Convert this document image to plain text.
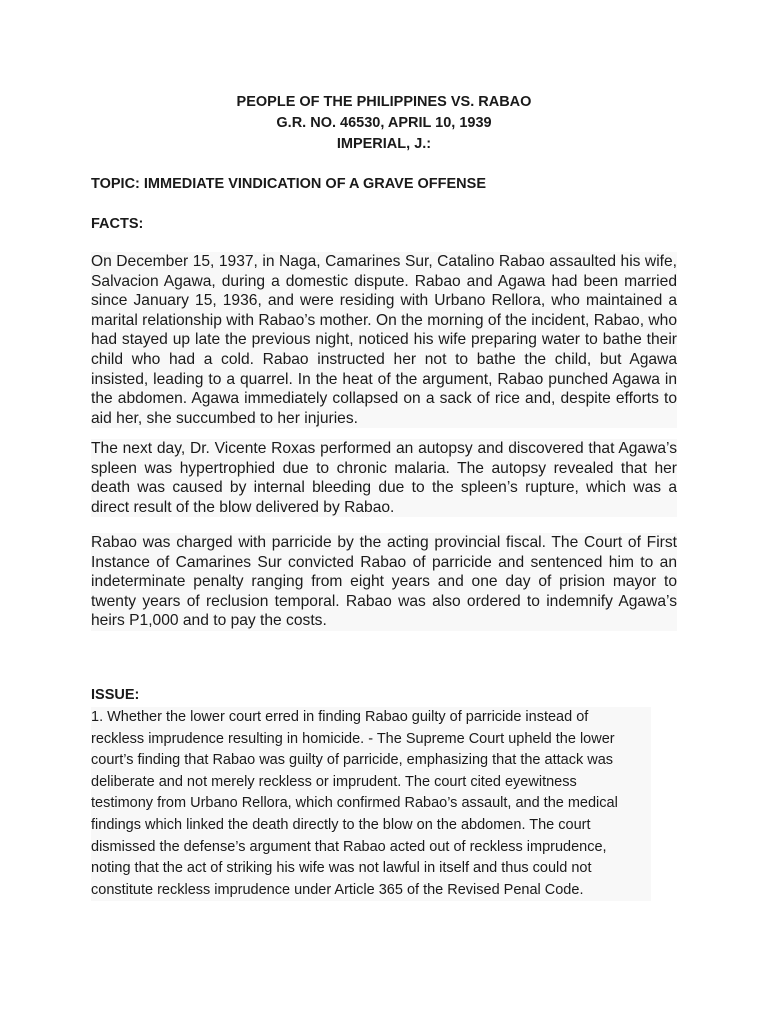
PEOPLE OF THE PHILIPPINES VS. RABAO
G.R. NO. 46530, APRIL 10, 1939
IMPERIAL, J.:
TOPIC: IMMEDIATE VINDICATION OF A GRAVE OFFENSE
FACTS:

On December 15, 1937, in Naga, Camarines Sur, Catalino Rabao assaulted his wife, Salvacion Agawa, during a domestic dispute. Rabao and Agawa had been married since January 15, 1936, and were residing with Urbano Rellora, who maintained a marital relationship with Rabao’s mother. On the morning of the incident, Rabao, who had stayed up late the previous night, noticed his wife preparing water to bathe their child who had a cold. Rabao instructed her not to bathe the child, but Agawa insisted, leading to a quarrel. In the heat of the argument, Rabao punched Agawa in the abdomen. Agawa immediately collapsed on a sack of rice and, despite efforts to aid her, she succumbed to her injuries.

The next day, Dr. Vicente Roxas performed an autopsy and discovered that Agawa’s spleen was hypertrophied due to chronic malaria. The autopsy revealed that her death was caused by internal bleeding due to the spleen’s rupture, which was a direct result of the blow delivered by Rabao.

Rabao was charged with parricide by the acting provincial fiscal. The Court of First Instance of Camarines Sur convicted Rabao of parricide and sentenced him to an indeterminate penalty ranging from eight years and one day of prision mayor to twenty years of reclusion temporal. Rabao was also ordered to indemnify Agawa’s heirs P1,000 and to pay the costs.

ISSUE:

1. Whether the lower court erred in finding Rabao guilty of parricide instead of
reckless imprudence resulting in homicide. - The Supreme Court upheld the lower
court’s finding that Rabao was guilty of parricide, emphasizing that the attack was
deliberate and not merely reckless or imprudent. The court cited eyewitness
testimony from Urbano Rellora, which confirmed Rabao’s assault, and the medical
findings which linked the death directly to the blow on the abdomen. The court
dismissed the defense’s argument that Rabao acted out of reckless imprudence,
noting that the act of striking his wife was not lawful in itself and thus could not
constitute reckless imprudence under Article 365 of the Revised Penal Code.
